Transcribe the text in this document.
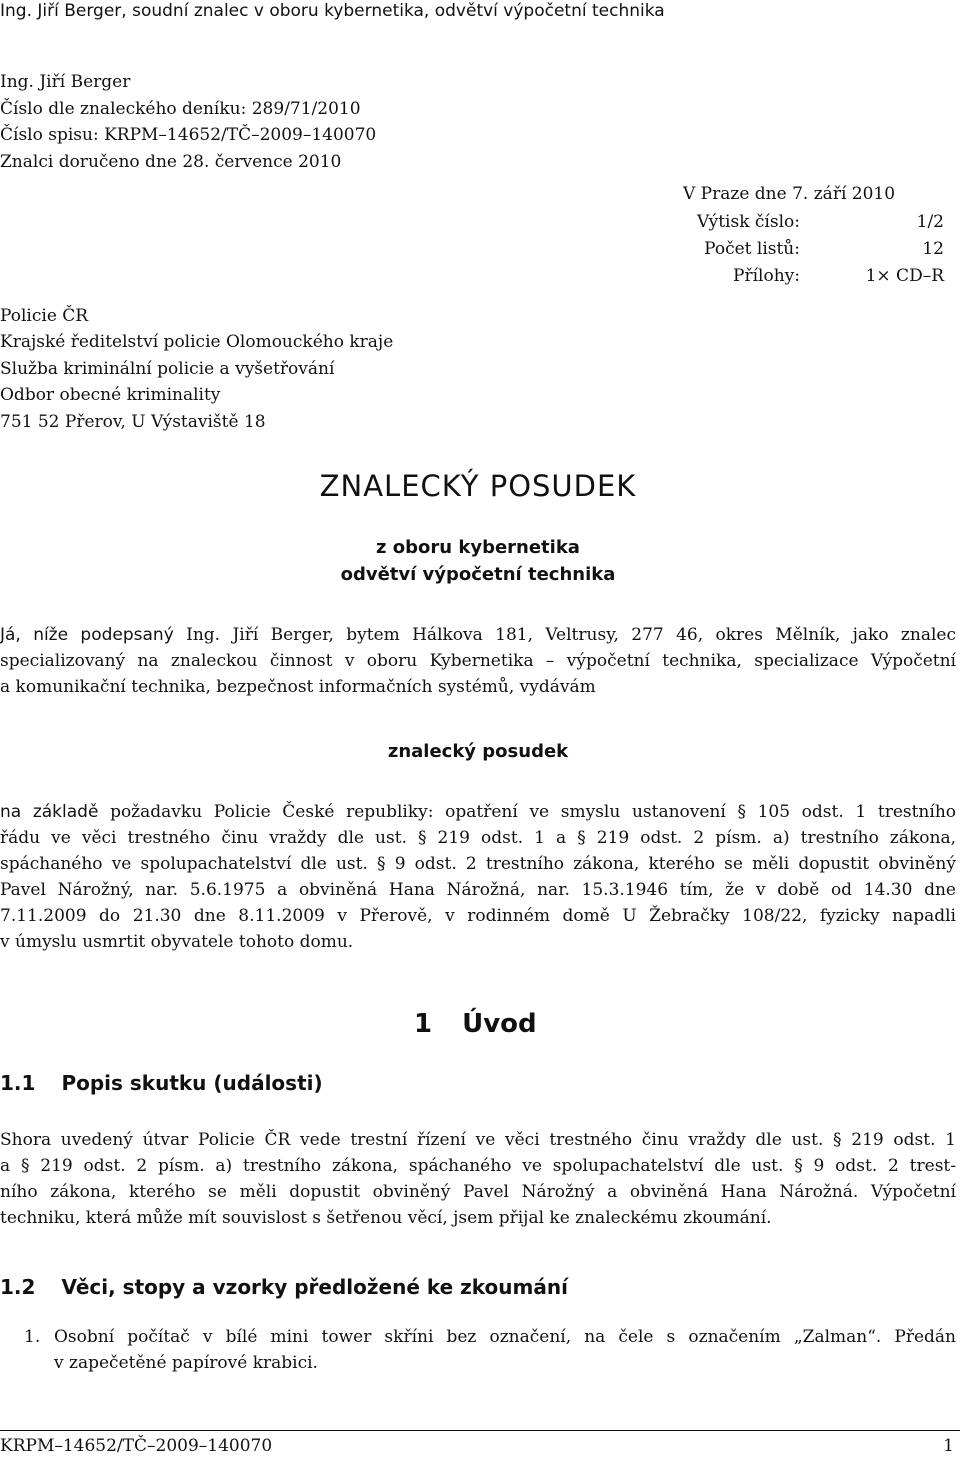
Ing. Jiří Berger, soudní znalec v oboru kybernetika, odvětví výpočetní technika
Ing. Jiří Berger
Číslo dle znaleckého deníku: 289/71/2010
Číslo spisu: KRPM–14652/TČ–2009–140070
Znalci doručeno dne 28. července 2010
V Praze dne 7. září 2010
Výtisk číslo:	1/2
Počet listů:	12
Přílohy:	1× CD–R
Policie ČR
Krajské ředitelství policie Olomouckého kraje
Služba kriminální policie a vyšetřování
Odbor obecné kriminality
751 52 Přerov, U Výstaviště 18
ZNALECKÝ POSUDEK
z oboru kybernetika
odvětví výpočetní technika
Já, níže podepsaný Ing. Jiří Berger, bytem Hálkova 181, Veltrusy, 277 46, okres Mělník, jako znalec
specializovaný na znaleckou činnost v oboru Kybernetika – výpočetní technika, specializace Výpočetní
a komunikační technika, bezpečnost informačních systémů, vydávám
znalecký posudek
na základě požadavku Policie České republiky: opatření ve smyslu ustanovení § 105 odst. 1 trestního
řádu ve věci trestného činu vraždy dle ust. § 219 odst. 1 a § 219 odst. 2 písm. a) trestního zákona,
spáchaného ve spolupachatelství dle ust. § 9 odst. 2 trestního zákona, kterého se měli dopustit obviněný
Pavel Nárožný, nar. 5.6.1975 a obviněná Hana Nárožná, nar. 15.3.1946 tím, že v době od 14.30 dne
7.11.2009 do 21.30 dne 8.11.2009 v Přerově, v rodinném domě U Žebračky 108/22, fyzicky napadli
v úmyslu usmrtit obyvatele tohoto domu.
1 Úvod
1.1 Popis skutku (události)
Shora uvedený útvar Policie ČR vede trestní řízení ve věci trestného činu vraždy dle ust. § 219 odst. 1
a § 219 odst. 2 písm. a) trestního zákona, spáchaného ve spolupachatelství dle ust. § 9 odst. 2 trest-
ního zákona, kterého se měli dopustit obviněný Pavel Nárožný a obviněná Hana Nárožná. Výpočetní
techniku, která může mít souvislost s šetřenou věcí, jsem přijal ke znaleckému zkoumání.
1.2 Věci, stopy a vzorky předložené ke zkoumání
1. Osobní počítač v bílé mini tower skříni bez označení, na čele s označením „Zalman“. Předán
v zapečetěné papírové krabici.
KRPM–14652/TČ–2009–140070	1
